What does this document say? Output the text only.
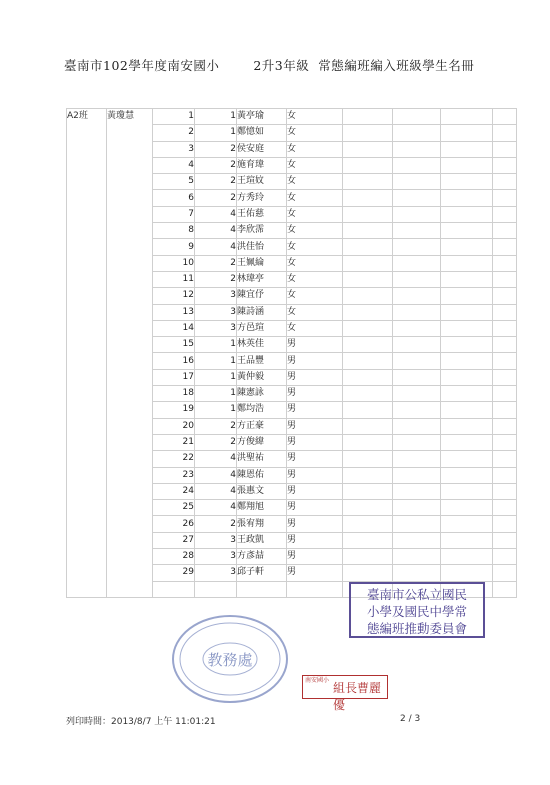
臺南市102學年度南安國小	2升3年級 常態編班編入班級學生名冊
A2班	黃瓊慧	1	1	黃亭瑜	女				
		2	1	鄭憶如	女				
		3	2	侯安庭	女				
		4	2	施育瑋	女				
		5	2	王瑄妏	女				
		6	2	方秀玲	女				
		7	4	王佑慈	女				
		8	4	李欣霈	女				
		9	4	洪佳怡	女				
		10	2	王姵綸	女				
		11	2	林瑋亭	女				
		12	3	陳宜伃	女				
		13	3	陳詩涵	女				
		14	3	方邑瑄	女				
		15	1	林英佳	男				
		16	1	王品豐	男				
		17	1	黃仲毅	男				
		18	1	陳憲詠	男				
		19	1	鄭均浩	男				
		20	2	方正豪	男				
		21	2	方俊緯	男				
		22	4	洪聖祐	男				
		23	4	陳恩佑	男				
		24	4	張惠文	男				
		25	4	鄭翔旭	男				
		26	2	張宥翔	男				
		27	3	王政凱	男				
		28	3	方彥喆	男				
		29	3	邱子軒	男				

臺南市公私立國民
小學及國民中學常
態編班推動委員會
教務處
南安國小
組長曹麗優
列印時間：2013/8/7 上午 11:01:21	2 / 3
